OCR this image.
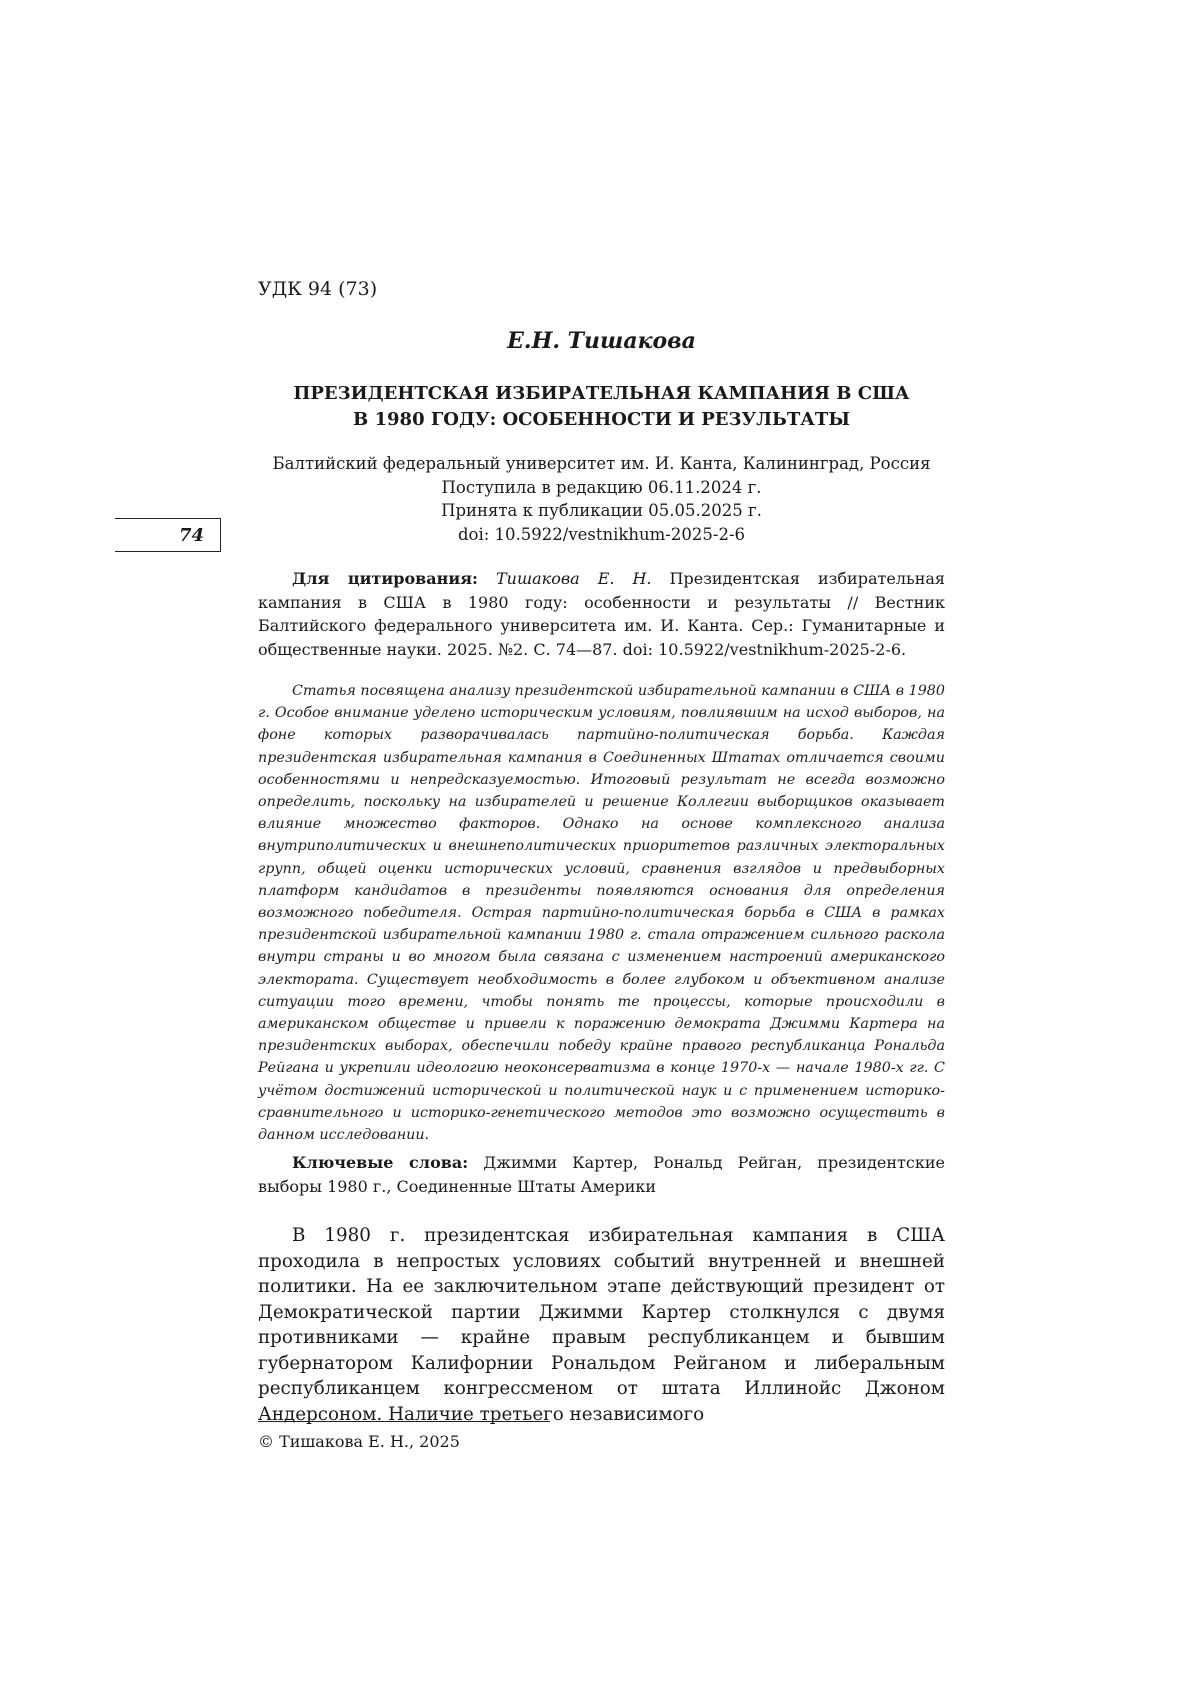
УДК 94 (73)
Е.Н. Тишакова
ПРЕЗИДЕНТСКАЯ ИЗБИРАТЕЛЬНАЯ КАМПАНИЯ В США
В 1980 ГОДУ: ОСОБЕННОСТИ И РЕЗУЛЬТАТЫ
Балтийский федеральный университет им. И. Канта, Калининград, Россия
Поступила в редакцию 06.11.2024 г.
Принята к публикации 05.05.2025 г.
doi: 10.5922/vestnikhum-2025-2-6
74
Для цитирования: Тишакова Е. Н. Президентская избирательная кампания в США в 1980 году: особенности и результаты // Вестник Балтийского федерального университета им. И. Канта. Сер.: Гуманитарные и общественные науки. 2025. №2. С. 74—87. doi: 10.5922/vestnikhum-2025-2-6.
Статья посвящена анализу президентской избирательной кампании в США в 1980 г. Особое внимание уделено историческим условиям, повлиявшим на исход выборов, на фоне которых разворачивалась партийно-политическая борьба. Каждая президентская избирательная кампания в Соединенных Штатах отличается своими особенностями и непредсказуемостью. Итоговый результат не всегда возможно определить, поскольку на избирателей и решение Коллегии выборщиков оказывает влияние множество факторов. Однако на основе комплексного анализа внутриполитических и внешнеполитических приоритетов различных электоральных групп, общей оценки исторических условий, сравнения взглядов и предвыборных платформ кандидатов в президенты появляются основания для определения возможного победителя. Острая партийно-политическая борьба в США в рамках президентской избирательной кампании 1980 г. стала отражением сильного раскола внутри страны и во многом была связана с изменением настроений американского электората. Существует необходимость в более глубоком и объективном анализе ситуации того времени, чтобы понять те процессы, которые происходили в американском обществе и привели к поражению демократа Джимми Картера на президентских выборах, обеспечили победу крайне правого республиканца Рональда Рейгана и укрепили идеологию неоконсерватизма в конце 1970-х — начале 1980-х гг. С учётом достижений исторической и политической наук и с применением историко-сравнительного и историко-генетического методов это возможно осуществить в данном исследовании.
Ключевые слова: Джимми Картер, Рональд Рейган, президентские выборы 1980 г., Соединенные Штаты Америки
В 1980 г. президентская избирательная кампания в США проходила в непростых условиях событий внутренней и внешней политики. На ее заключительном этапе действующий президент от Демократической партии Джимми Картер столкнулся с двумя противниками — крайне правым республиканцем и бывшим губернатором Калифорнии Рональдом Рейганом и либеральным республиканцем конгрессменом от штата Иллинойс Джоном Андерсоном. Наличие третьего независимого
© Тишакова Е. Н., 2025
